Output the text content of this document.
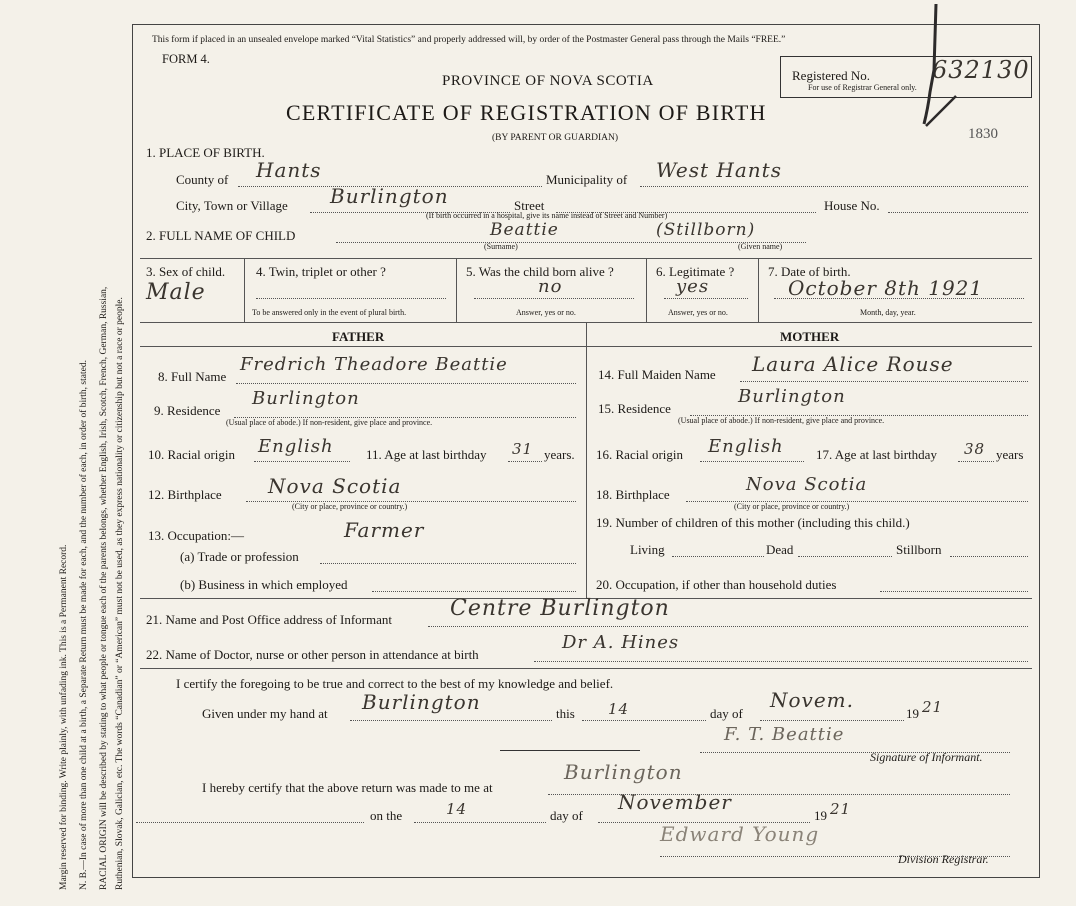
Margin reserved for binding. Write plainly, with unfading ink. This is a Permanent Record. N. B.—In case of more than one child at a birth, a Separate Return must be made for each, and the number of each, in order of birth, stated. RACIAL ORIGIN will be described by stating to what people or tongue each of the parents belongs, whether English, Irish, Scotch, French, German, Russian, Ruthenian, Slovak, Galician, etc. The words “Canadian” or “American” must not be used, as they express nationality or citizenship but not a race or people.
This form if placed in an unsealed envelope marked “Vital Statistics” and properly addressed will, by order of the Postmaster General pass through the Mails “FREE.”
FORM 4.
Registered No.	632130
For use of Registrar General only.
1830
PROVINCE OF NOVA SCOTIA
CERTIFICATE OF REGISTRATION OF BIRTH
(BY PARENT OR GUARDIAN)
1. PLACE OF BIRTH.
County of Hants	Municipality of West Hants
City, Town or Village Burlington	Street	House No.
(If birth occurred in a hospital, give its name instead of Street and Number)
2. FULL NAME OF CHILD	Beattie	(Stillborn)
(Surname)	(Given name)
3. Sex of child.
Male
4. Twin, triplet or other ?
To be answered only in the event of plural birth.
5. Was the child born alive ?
no
Answer, yes or no.
6. Legitimate ?
yes
Answer, yes or no.
7. Date of birth.
October 8th 1921
Month, day, year.
FATHER	MOTHER
8. Full Name
Fredrich Theadore Beattie
9. Residence
Burlington
(Usual place of abode.) If non-resident, give place and province.
10. Racial origin English 11. Age at last birthday 31 years.
12. Birthplace Nova Scotia
(City or place, province or country.)
13. Occupation:—	Farmer
(a) Trade or profession
(b) Business in which employed
14. Full Maiden Name Laura Alice Rouse
15. Residence
Burlington
(Usual place of abode.) If non-resident, give place and province.
16. Racial origin English 17. Age at last birthday 38 years
18. Birthplace	Nova Scotia
(City or place, province or country.)
19. Number of children of this mother (including this child.)
Living	Dead	Stillborn
20. Occupation, if other than household duties
21. Name and Post Office address of Informant	Centre Burlington
22. Name of Doctor, nurse or other person in attendance at birth
Dr A. Hines
I certify the foregoing to be true and correct to the best of my knowledge and belief.
Given under my hand at Burlington	this 14	day of
Novem.
19 21
F. T. Beattie
Signature of Informant.
I hereby certify that the above return was made to me at
Burlington
on the	14	day of
November
19 21
Edward Young
Division Registrar.
